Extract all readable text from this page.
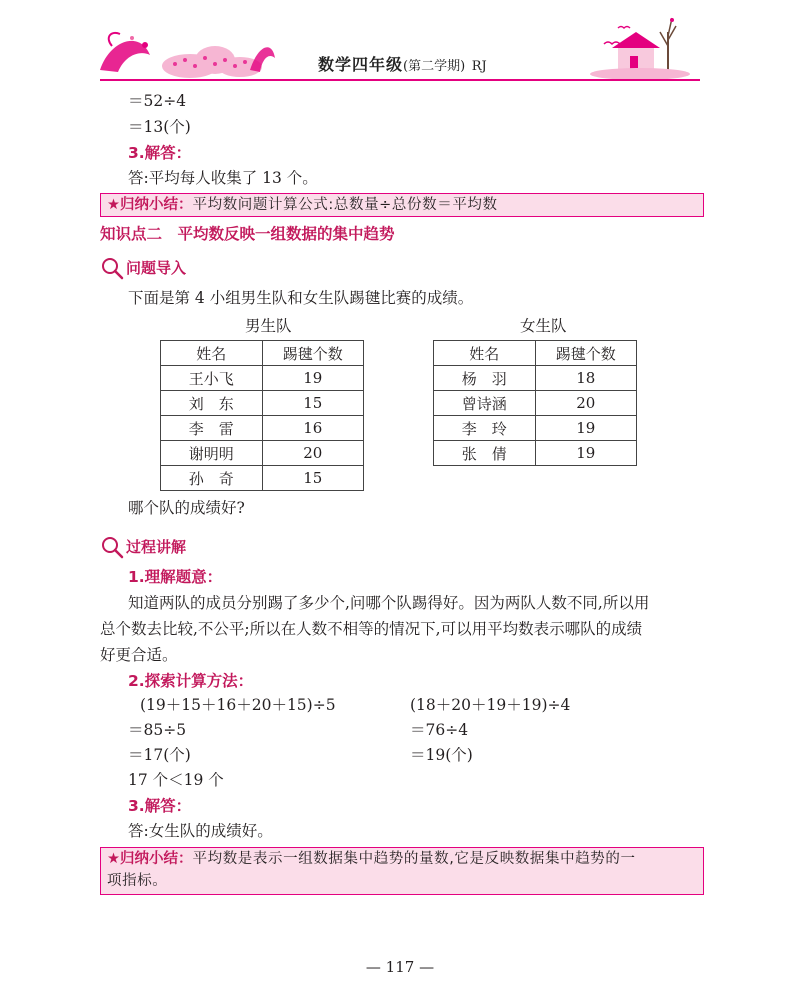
数学四年级(第二学期) RJ
＝52÷4
＝13(个)
3.解答：
答:平均每人收集了 13 个。
★归纳小结：平均数问题计算公式:总数量÷总份数＝平均数
知识点二　平均数反映一组数据的集中趋势
问题导入
下面是第 4 小组男生队和女生队踢毽比赛的成绩。
男生队
姓名	踢毽个数
王小飞	19
刘　东	15
李　雷	16
谢明明	20
孙　奇	15
女生队
姓名	踢毽个数
杨　羽	18
曾诗涵	20
李　玲	19
张　倩	19
哪个队的成绩好?
过程讲解
1.理解题意：
知道两队的成员分别踢了多少个,问哪个队踢得好。因为两队人数不同,所以用
总个数去比较,不公平;所以在人数不相等的情况下,可以用平均数表示哪队的成绩
好更合适。
2.探索计算方法：
(19＋15＋16＋20＋15)÷5
＝85÷5
＝17(个)
(18＋20＋19＋19)÷4
＝76÷4
＝19(个)
17 个＜19 个
3.解答：
答:女生队的成绩好。
★归纳小结：平均数是表示一组数据集中趋势的量数,它是反映数据集中趋势的一
项指标。
— 117 —
